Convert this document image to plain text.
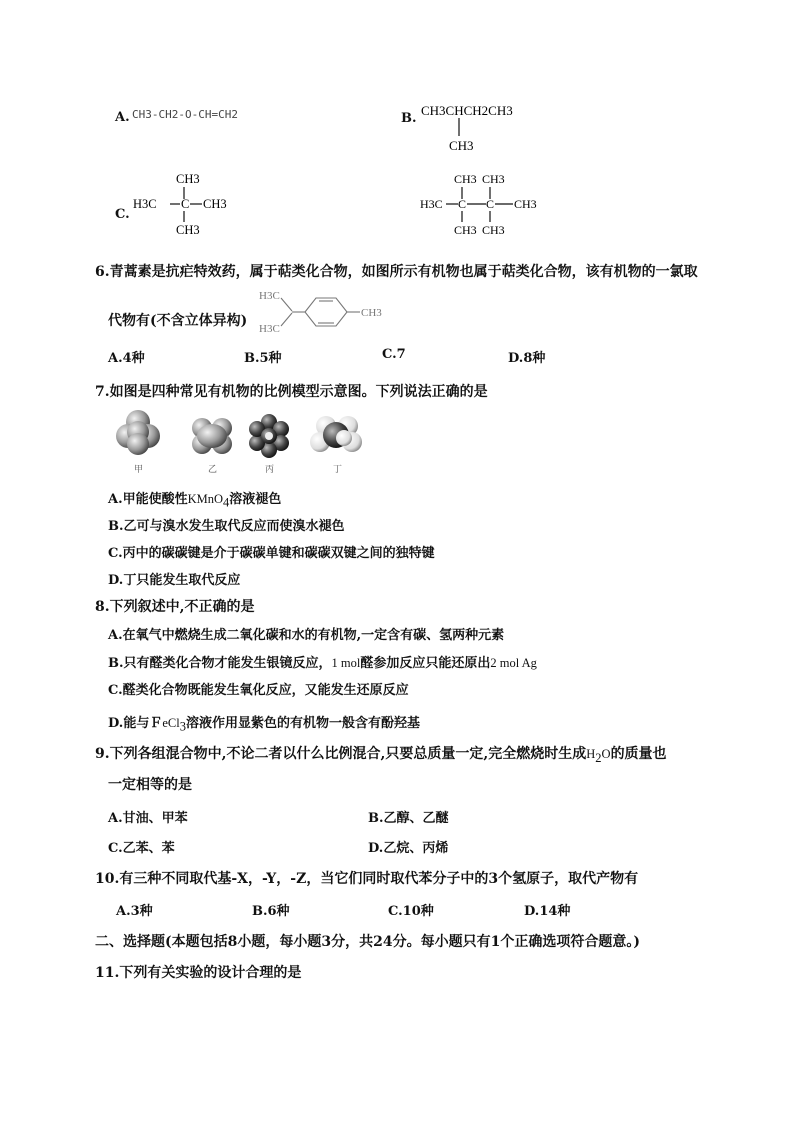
A. CH3-CH2-O-CH=CH2	B.
CH3CHCH2CH3
CH3
C.
CH3
H3C C CH3
CH3
CH3 CH3
H3C C C CH3
CH3 CH3
6.青蒿素是抗疟特效药，属于萜类化合物，如图所示有机物也属于萜类化合物，该有机物的一氯取
代物有(不含立体异构)
H3C
H3C
CH3
A.4种	B.5种	C.7	D.8种
7.如图是四种常见有机物的比例模型示意图。下列说法正确的是
甲	乙	丙	丁
A.甲能使酸性KMnO$_4$溶液褪色
B.乙可与溴水发生取代反应而使溴水褪色
C.丙中的碳碳键是介于碳碳单键和碳碳双键之间的独特键
D.丁只能发生取代反应
8.下列叙述中,不正确的是
A.在氧气中燃烧生成二氧化碳和水的有机物,一定含有碳、氢两种元素
B.只有醛类化合物才能发生银镜反应，1 mol醛参加反应只能还原出2 mol Ag
C.醛类化合物既能发生氧化反应，又能发生还原反应
D.能与ＦeCl$_3$溶液作用显紫色的有机物一般含有酚羟基
9.下列各组混合物中,不论二者以什么比例混合,只要总质量一定,完全燃烧时生成$H_2O$的质量也
一定相等的是
A.甘油、甲苯	B.乙醇、乙醚
C.乙苯、苯	D.乙烷、丙烯
10.有三种不同取代基-X，-Y，-Z，当它们同时取代苯分子中的3个氢原子，取代产物有
A.3种	B.6种	C.10种	D.14种
二、选择题(本题包括8小题，每小题3分，共24分。每小题只有1个正确选项符合题意。)
11.下列有关实验的设计合理的是
